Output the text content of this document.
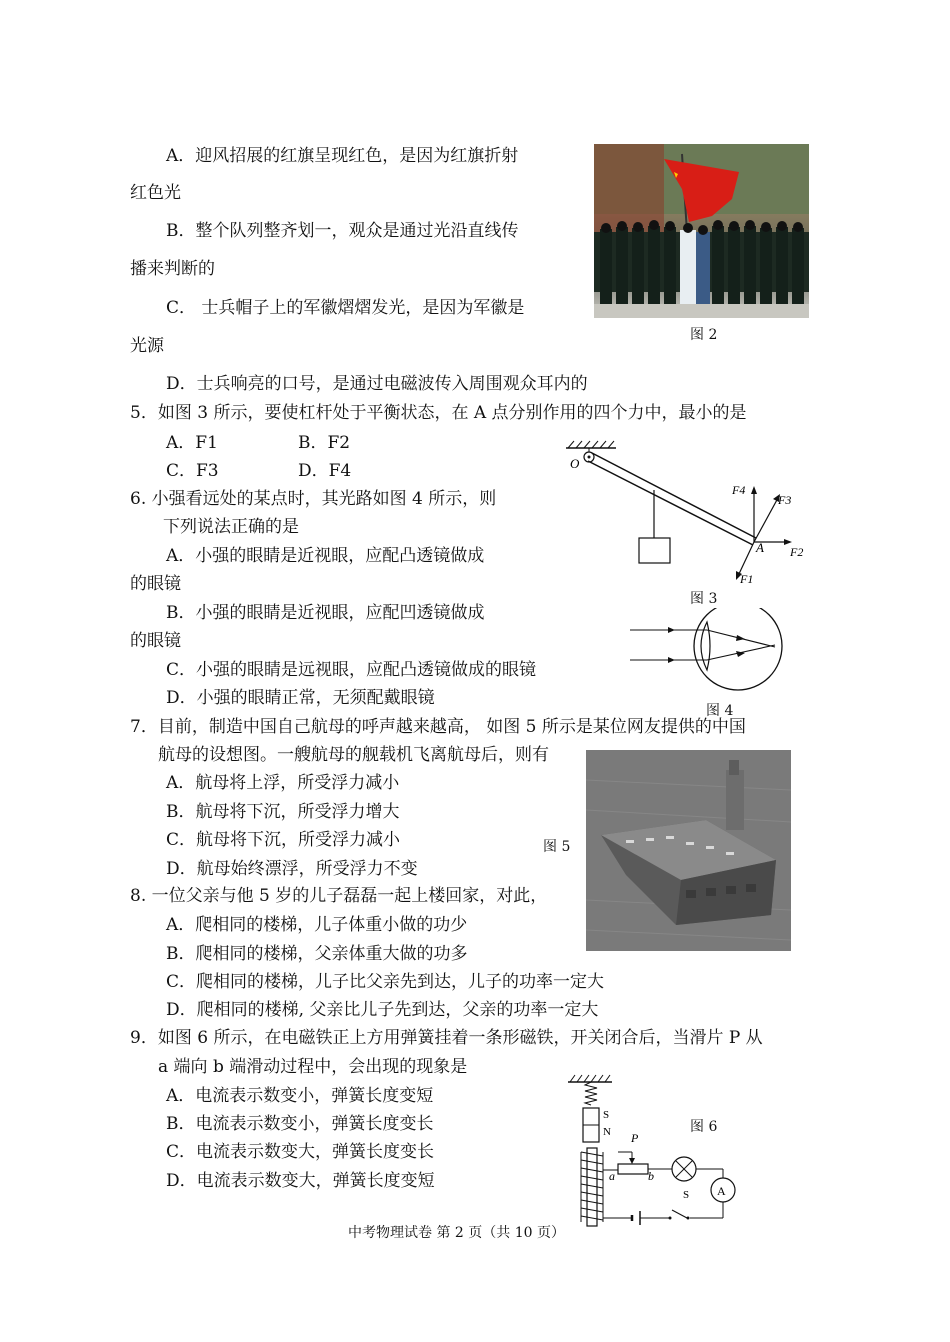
A．迎风招展的红旗呈现红色，是因为红旗折射
红色光
B．整个队列整齐划一，观众是通过光沿直线传
播来判断的
C． 士兵帽子上的军徽熠熠发光，是因为军徽是
光源
D．士兵响亮的口号，是通过电磁波传入周围观众耳内的
图 2
5．如图 3 所示，要使杠杆处于平衡状态，在 A 点分别作用的四个力中，最小的是
A．F1	B．F2
C．F3	D．F4	O
A
F4
F3
F2
F1
图 3
6. 小强看远处的某点时，其光路如图 4 所示，则
下列说法正确的是
A．小强的眼睛是近视眼，应配凸透镜做成
的眼镜
B．小强的眼睛是近视眼，应配凹透镜做成
的眼镜
C．小强的眼睛是远视眼，应配凸透镜做成的眼镜
D．小强的眼睛正常，无须配戴眼镜
图 4
7．目前，制造中国自己航母的呼声越来越高， 如图 5 所示是某位网友提供的中国
航母的设想图。一艘航母的舰载机飞离航母后，则有
A．航母将上浮，所受浮力减小
B．航母将下沉，所受浮力增大
C．航母将下沉，所受浮力减小
D．航母始终漂浮，所受浮力不变
图 5
8. 一位父亲与他 5 岁的儿子磊磊一起上楼回家，对此，
A．爬相同的楼梯，儿子体重小做的功少
B．爬相同的楼梯，父亲体重大做的功多
C．爬相同的楼梯，儿子比父亲先到达，儿子的功率一定大
D．爬相同的楼梯, 父亲比儿子先到达，父亲的功率一定大
9．如图 6 所示，在电磁铁正上方用弹簧挂着一条形磁铁，开关闭合后，当滑片 P 从
a 端向 b 端滑动过程中，会出现的现象是
A．电流表示数变小，弹簧长度变短
B．电流表示数变小，弹簧长度变长
C．电流表示数变大，弹簧长度变长
D．电流表示数变大，弹簧长度变短
S
N P
a	b
A
S
图 6
中考物理试卷 第 2 页（共 10 页）
